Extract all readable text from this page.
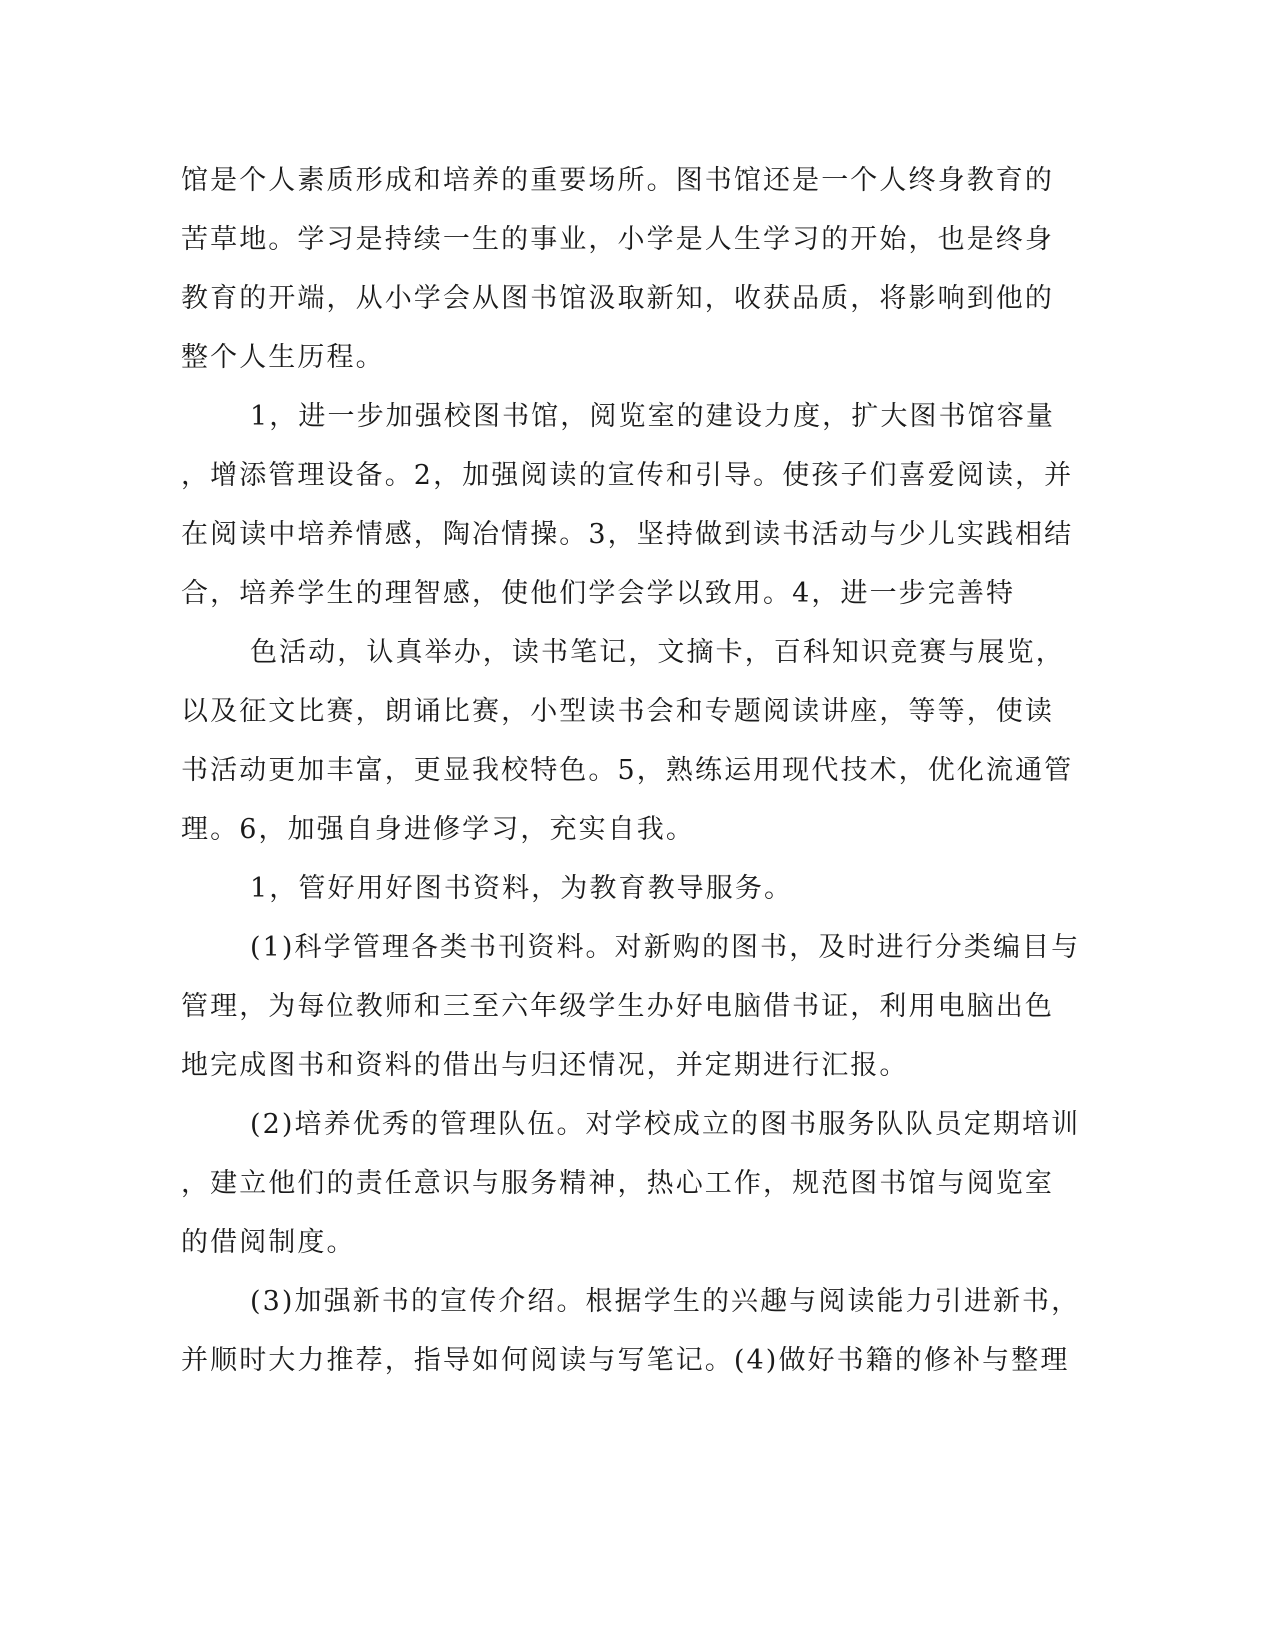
馆是个人素质形成和培养的重要场所。图书馆还是一个人终身教育的
苦草地。学习是持续一生的事业，小学是人生学习的开始，也是终身
教育的开端，从小学会从图书馆汲取新知，收获品质，将影响到他的
整个人生历程。
1，进一步加强校图书馆，阅览室的建设力度，扩大图书馆容量
，增添管理设备。2，加强阅读的宣传和引导。使孩子们喜爱阅读，并
在阅读中培养情感，陶冶情操。3，坚持做到读书活动与少儿实践相结
合，培养学生的理智感，使他们学会学以致用。4，进一步完善特
色活动，认真举办，读书笔记，文摘卡，百科知识竞赛与展览，
以及征文比赛，朗诵比赛，小型读书会和专题阅读讲座，等等，使读
书活动更加丰富，更显我校特色。5，熟练运用现代技术，优化流通管
理。6，加强自身进修学习，充实自我。
1，管好用好图书资料，为教育教导服务。
(1)科学管理各类书刊资料。对新购的图书，及时进行分类编目与
管理，为每位教师和三至六年级学生办好电脑借书证，利用电脑出色
地完成图书和资料的借出与归还情况，并定期进行汇报。
(2)培养优秀的管理队伍。对学校成立的图书服务队队员定期培训
，建立他们的责任意识与服务精神，热心工作，规范图书馆与阅览室
的借阅制度。
(3)加强新书的宣传介绍。根据学生的兴趣与阅读能力引进新书，
并顺时大力推荐，指导如何阅读与写笔记。(4)做好书籍的修补与整理
